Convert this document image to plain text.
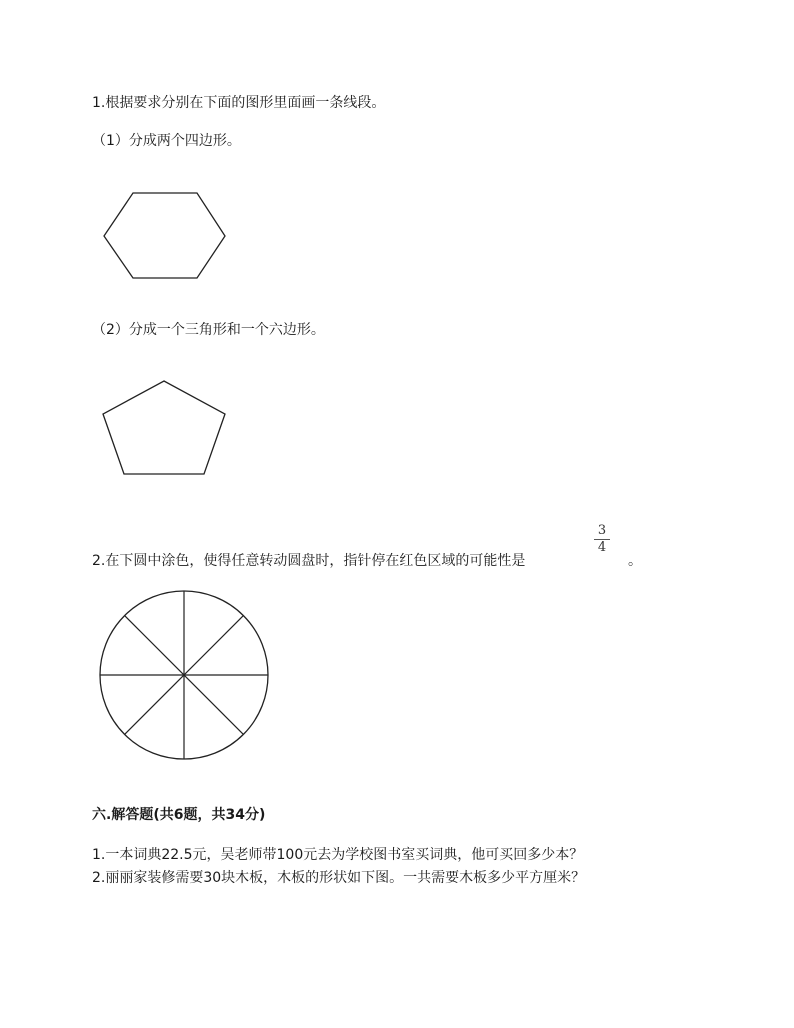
1.根据要求分别在下面的图形里面画一条线段。
（1）分成两个四边形。
（2）分成一个三角形和一个六边形。
2.在下圆中涂色，使得任意转动圆盘时，指针停在红色区域的可能性是
3
4
。
六.解答题(共6题，共34分)
1.一本词典22.5元，吴老师带100元去为学校图书室买词典，他可买回多少本？
2.丽丽家装修需要30块木板，木板的形状如下图。一共需要木板多少平方厘米？
